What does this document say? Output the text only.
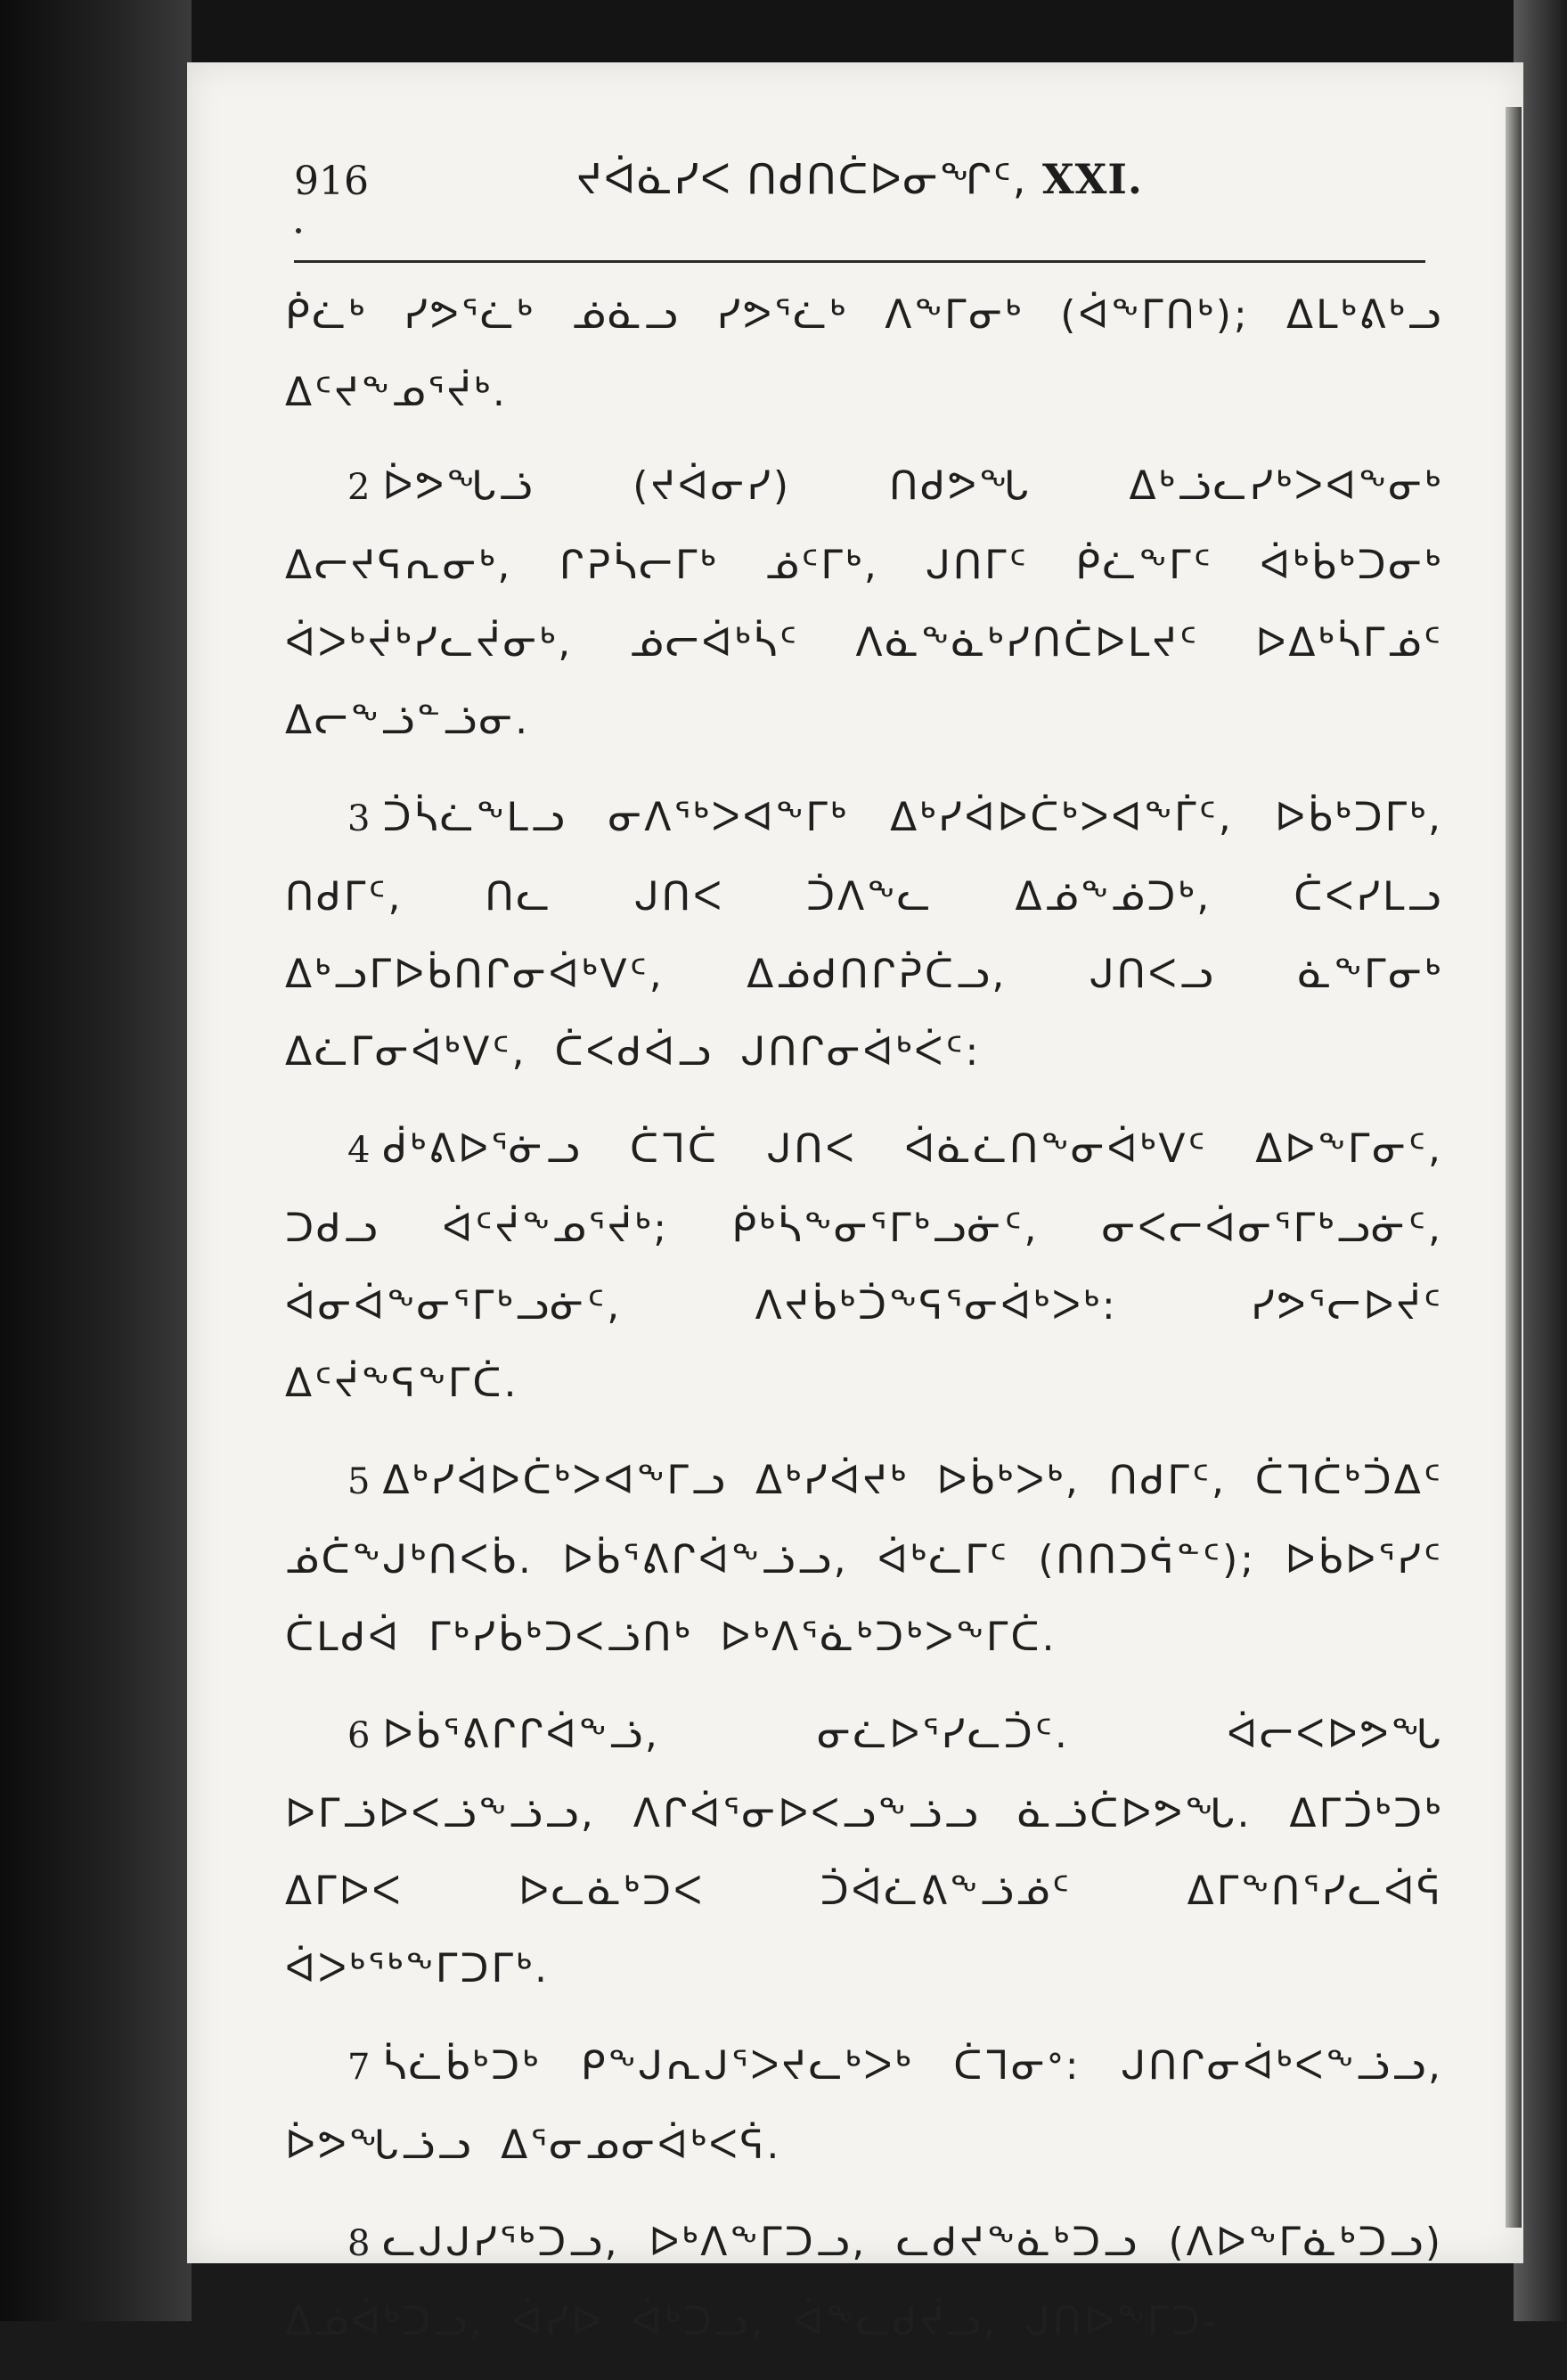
916	ᔪᐋᓈᓯᐸ ᑎᑯᑎᑖᐅᓂᖏᑦ, XXI.

ᑮᓛᒃ ᓯᕗᕐᓛᒃ ᓅᓈᓗ ᓯᕗᕐᓛᒃ ᐱᖕᒥᓂᒃ (ᐋᖕᒥᑎᒃ); ᐃᒪᒃᕕᒃᓗ ᐃᑦᔪᖕᓄᕐᔫᒃ.

2 ᐆᕗᖓᓘ (ᔪᐋᓂᓯ) ᑎᑯᕗᖓ ᐃᒃᓘᓚᓯᒃᐳᐊᖕᓂᒃ ᐃᓕᔪᕋᕆᓂᒃ, ᒋᕈᓵᓕᒥᒃ ᓅᑦᒥᒃ, ᒍᑎᒥᑦ ᑮᓛᖕᒥᑦ ᐋᒃᑳᒃᑐᓂᒃ ᐋᐳᒃᔫᒃᓯᓚᔫᓂᒃ, ᓅᓕᐋᒃᓵᑦ ᐱᓈᖕᓈᒃᓯᑎᑖᐅᒪᔪᑦ ᐅᐃᒃᓵᒥᓅᑦ ᐃᓕᖕᓘᓐᓘᓂ.

3 ᑑᓵᓛᖕᒪᓗ ᓂᐱᕐᒃᐳᐊᖕᒥᒃ ᐃᒃᓯᐋᐅᑖᒃᐳᐊᖕᒦᑦ, ᐅᑳᒃᑐᒥᒃ, ᑎᑯᒥᑦ, ᑎᓚ ᒍᑎᐸ ᑑᐱᖕᓚ ᐃᓅᖕᓅᑐᒃ, ᑖᐸᓯᒪᓗ ᐃᒃᓗᒥᐅᑳᑎᒋᓂᐋᒃᐯᑦ, ᐃᓅᑯᑎᒋᕉᑖᓗ, ᒍᑎᐸᓗ ᓈᖕᒥᓂᒃ ᐃᓛᒥᓂᐋᒃᐯᑦ, ᑖᐸᑯᐋᓗ ᒍᑎᒋᓂᐋᒃᐹᑦ:

4 ᑰᒃᕕᐅᕐᓃᓗ ᑖᒣᑖ ᒍᑎᐸ ᐋᓈᓛᑎᖕᓂᐋᒃᐯᑦ ᐃᐅᖕᒥᓂᑦ, ᑐᑯᓗ ᐋᑦᔫᖕᓄᕐᔫᒃ; ᑮᒃᓵᖕᓂᕐᒥᒃᓗᓃᑦ, ᓂᐸᓕᐋᓂᕐᒥᒃᓗᓃᑦ, ᐋᓂᐋᖕᓂᕐᒥᒃᓗᓃᑦ, ᐱᔪᑳᒃᑑᖕᕋᕐᓂᐋᒃᐳᒃ: ᓯᕗᕐᓕᐅᔫᑦ ᐃᑦᔫᖕᕋᖕᒥᑖ.

5 ᐃᒃᓯᐋᐅᑖᒃᐳᐊᖕᒥᓗ ᐃᒃᓯᐋᔪᒃ ᐅᑳᒃᐳᒃ, ᑎᑯᒥᑦ, ᑖᒣᑖᒃᑑᐃᑦ ᓅᑖᖕᒍᒃᑎᐸᑳ. ᐅᑳᕐᕕᒋᐋᖕᓘᓗ, ᐋᒃᓛᒥᑦ (ᑎᑎᑐᕌᓐᑦ); ᐅᑳᐅᕐᓯᑦ ᑖᒪᑯᐋ ᒥᒃᓯᑳᒃᑐᐸᓘᑎᒃ ᐅᒃᐱᕐᓈᒃᑐᒃᐳᖕᒥᑖ.

6 ᐅᑳᕐᕕᒋᒋᐋᖕᓘ, ᓂᓛᐅᕐᓯᓚᑑᑦ. ᐋᓕᐸᐅᕗᖓ ᐅᒥᓘᐅᐸᓘᖕᓘᓗ, ᐱᒋᐋᕐᓂᐅᐸᓗᖕᓘᓗ ᓈᓘᑖᐅᕗᖓ. ᐃᒥᑑᒃᑐᒃ ᐃᒥᐅᐸ ᐅᓚᓈᒃᑐᐸ ᑑᐋᓛᕕᖕᓘᓅᑦ ᐃᒥᖕᑎᕐᓯᓚᐋᕌ ᐋᐳᒃᕐᒃᖕᒥᑐᒥᒃ.

7 ᓵᓛᑳᒃᑐᒃ ᑭᖕᒍᕆᒍᕐᐳᔪᓚᒃᐳᒃ ᑖᒣᓂᐤ: ᒍᑎᒋᓂᐋᒃᐸᖕᓘᓗ, ᐆᕗᖓᓘᓗ ᐃᕐᓂᓄᓂᐋᒃᐸᕌ.

8 ᓚᒍᒍᓯᕐᒃᑐᓗ, ᐅᒃᐱᖕᒥᑐᓗ, ᓚᑯᔪᖕᓈᒃᑐᓗ (ᐱᐅᖕᒥᓈᒃᑐᓗ) ᐃᓅᐋᒃᑐᓗ, ᐋᓯᐅ ᐋᒃᑐᓗ, ᐋᖕᓚᑯᔫᓗ, ᒍᑎᐅᖕᒥᑐ-
